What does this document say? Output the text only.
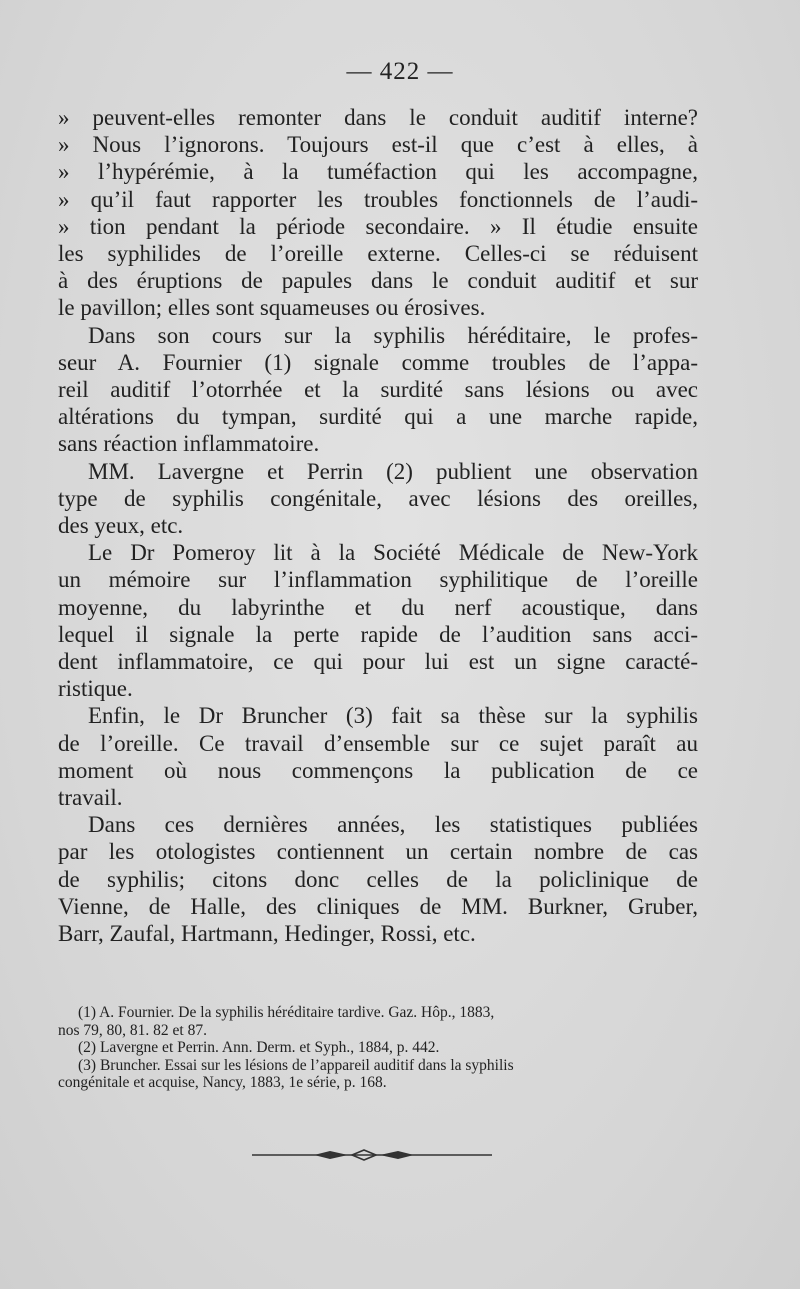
— 422 —
» peuvent-elles remonter dans le conduit auditif interne?
» Nous l’ignorons. Toujours est-il que c’est à elles, à
» l’hypérémie, à la tuméfaction qui les accompagne,
» qu’il faut rapporter les troubles fonctionnels de l’audi-
» tion pendant la période secondaire. » Il étudie ensuite
les syphilides de l’oreille externe. Celles-ci se réduisent
à des éruptions de papules dans le conduit auditif et sur
le pavillon; elles sont squameuses ou érosives.
Dans son cours sur la syphilis héréditaire, le profes-
seur A. Fournier (1) signale comme troubles de l’appa-
reil auditif l’otorrhée et la surdité sans lésions ou avec
altérations du tympan, surdité qui a une marche rapide,
sans réaction inflammatoire.
MM. Lavergne et Perrin (2) publient une observation
type de syphilis congénitale, avec lésions des oreilles,
des yeux, etc.
Le Dr Pomeroy lit à la Société Médicale de New-York
un mémoire sur l’inflammation syphilitique de l’oreille
moyenne, du labyrinthe et du nerf acoustique, dans
lequel il signale la perte rapide de l’audition sans acci-
dent inflammatoire, ce qui pour lui est un signe caracté-
ristique.
Enfin, le Dr Bruncher (3) fait sa thèse sur la syphilis
de l’oreille. Ce travail d’ensemble sur ce sujet paraît au
moment où nous commençons la publication de ce
travail.
Dans ces dernières années, les statistiques publiées
par les otologistes contiennent un certain nombre de cas
de syphilis; citons donc celles de la policlinique de
Vienne, de Halle, des cliniques de MM. Burkner, Gruber,
Barr, Zaufal, Hartmann, Hedinger, Rossi, etc.
(1) A. Fournier. De la syphilis héréditaire tardive. Gaz. Hôp., 1883,
nos 79, 80, 81. 82 et 87.
(2) Lavergne et Perrin. Ann. Derm. et Syph., 1884, p. 442.
(3) Bruncher. Essai sur les lésions de l’appareil auditif dans la syphilis
congénitale et acquise, Nancy, 1883, 1e série, p. 168.
